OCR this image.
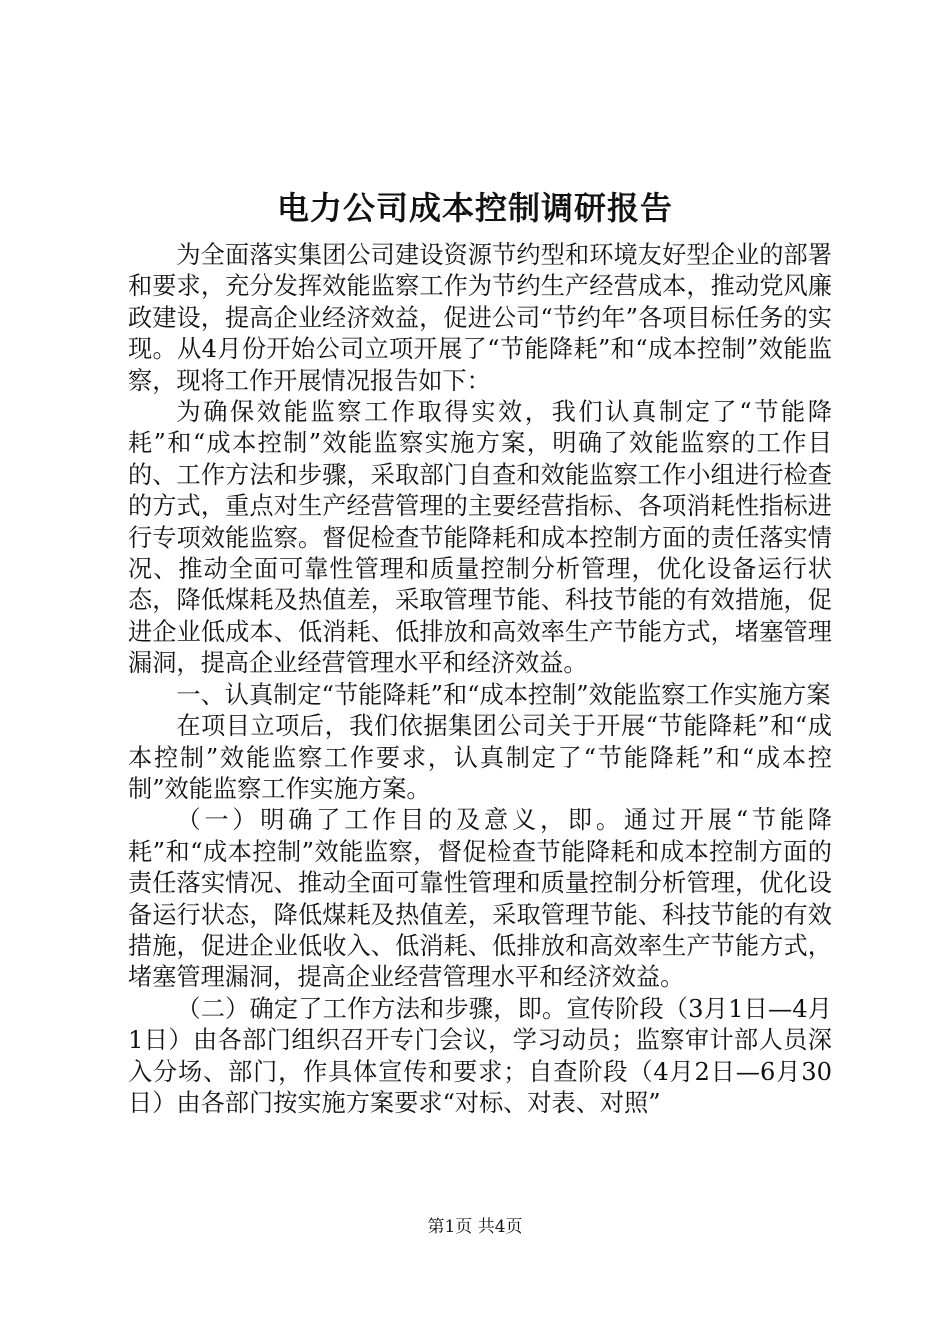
电力公司成本控制调研报告

为全面落实集团公司建设资源节约型和环境友好型企业的部署和要求，充分发挥效能监察工作为节约生产经营成本，推动党风廉政建设，提高企业经济效益，促进公司“节约年”各项目标任务的实现。从4月份开始公司立项开展了“节能降耗”和“成本控制”效能监察，现将工作开展情况报告如下：

为确保效能监察工作取得实效，我们认真制定了“节能降耗”和“成本控制”效能监察实施方案，明确了效能监察的工作目的、工作方法和步骤，采取部门自查和效能监察工作小组进行检查的方式，重点对生产经营管理的主要经营指标、各项消耗性指标进行专项效能监察。督促检查节能降耗和成本控制方面的责任落实情况、推动全面可靠性管理和质量控制分析管理，优化设备运行状态，降低煤耗及热值差，采取管理节能、科技节能的有效措施，促进企业低成本、低消耗、低排放和高效率生产节能方式，堵塞管理漏洞，提高企业经营管理水平和经济效益。

一、认真制定“节能降耗”和“成本控制”效能监察工作实施方案

在项目立项后，我们依据集团公司关于开展“节能降耗”和“成本控制”效能监察工作要求，认真制定了“节能降耗”和“成本控制”效能监察工作实施方案。

（一）明确了工作目的及意义，即。通过开展“节能降耗”和“成本控制”效能监察，督促检查节能降耗和成本控制方面的责任落实情况、推动全面可靠性管理和质量控制分析管理，优化设备运行状态，降低煤耗及热值差，采取管理节能、科技节能的有效措施，促进企业低收入、低消耗、低排放和高效率生产节能方式，堵塞管理漏洞，提高企业经营管理水平和经济效益。

（二）确定了工作方法和步骤，即。宣传阶段（3月1日—4月1日）由各部门组织召开专门会议，学习动员；监察审计部人员深入分场、部门，作具体宣传和要求；自查阶段（4月2日—6月30日）由各部门按实施方案要求“对标、对表、对照”

第1页 共4页
